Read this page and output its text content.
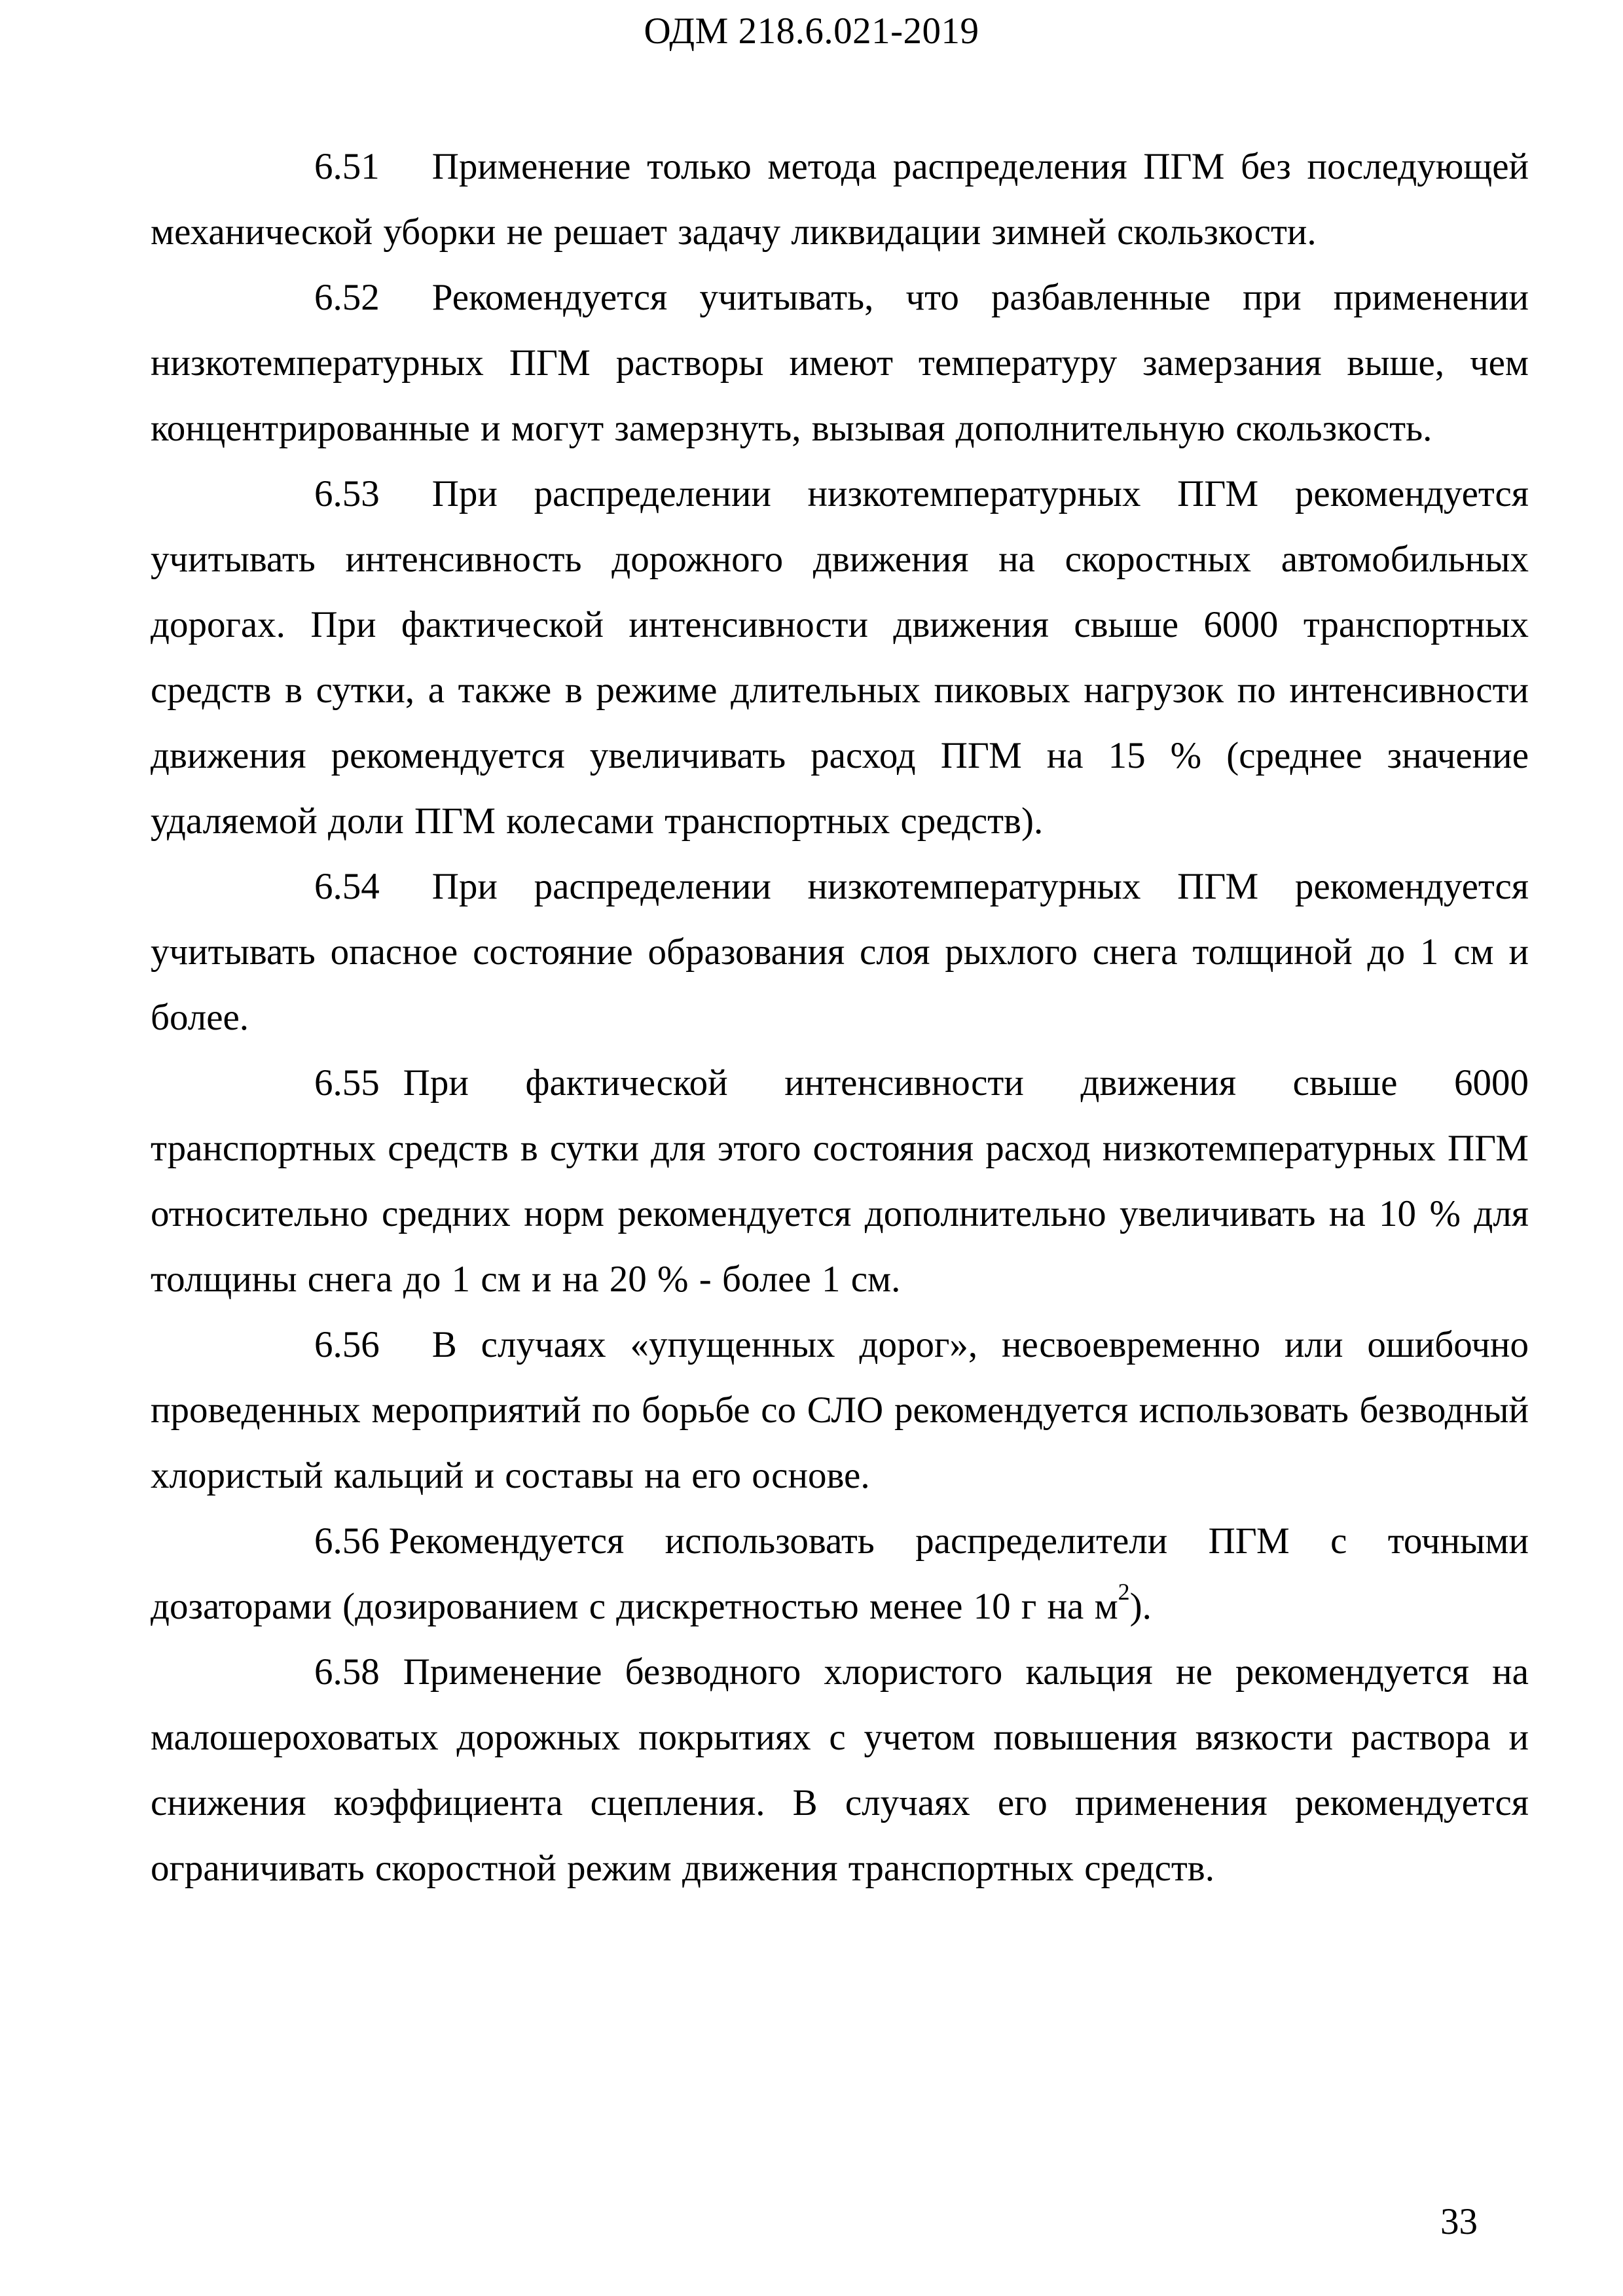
ОДМ 218.6.021-2019

6.51 Применение только метода распределения ПГМ без последующей механической уборки не решает задачу ликвидации зимней скользкости.

6.52 Рекомендуется учитывать, что разбавленные при применении низкотемпературных ПГМ растворы имеют температуру замерзания выше, чем концентрированные и могут замерзнуть, вызывая дополнительную скользкость.

6.53 При распределении низкотемпературных ПГМ рекомендуется учитывать интенсивность дорожного движения на скоростных автомобильных дорогах. При фактической интенсивности движения свыше 6000 транспортных средств в сутки, а также в режиме длительных пиковых нагрузок по интенсивности движения рекомендуется увеличивать расход ПГМ на 15 % (среднее значение удаляемой доли ПГМ колесами транспортных средств).

6.54 При распределении низкотемпературных ПГМ рекомендуется учитывать опасное состояние образования слоя рыхлого снега толщиной до 1 см и более.

6.55 При фактической интенсивности движения свыше 6000 транспортных средств в сутки для этого состояния расход низкотемпературных ПГМ относительно средних норм рекомендуется дополнительно увеличивать на 10 % для толщины снега до 1 см и на 20 % - более 1 см.

6.56 В случаях «упущенных дорог», несвоевременно или ошибочно проведенных мероприятий по борьбе со СЛО рекомендуется использовать безводный хлористый кальций и составы на его основе.

6.56 Рекомендуется использовать распределители ПГМ с точными дозаторами (дозированием с дискретностью менее 10 г на $м^2$).

6.58 Применение безводного хлористого кальция не рекомендуется на малошероховатых дорожных покрытиях с учетом повышения вязкости раствора и снижения коэффициента сцепления. В случаях его применения рекомендуется ограничивать скоростной режим движения транспортных средств.

33
